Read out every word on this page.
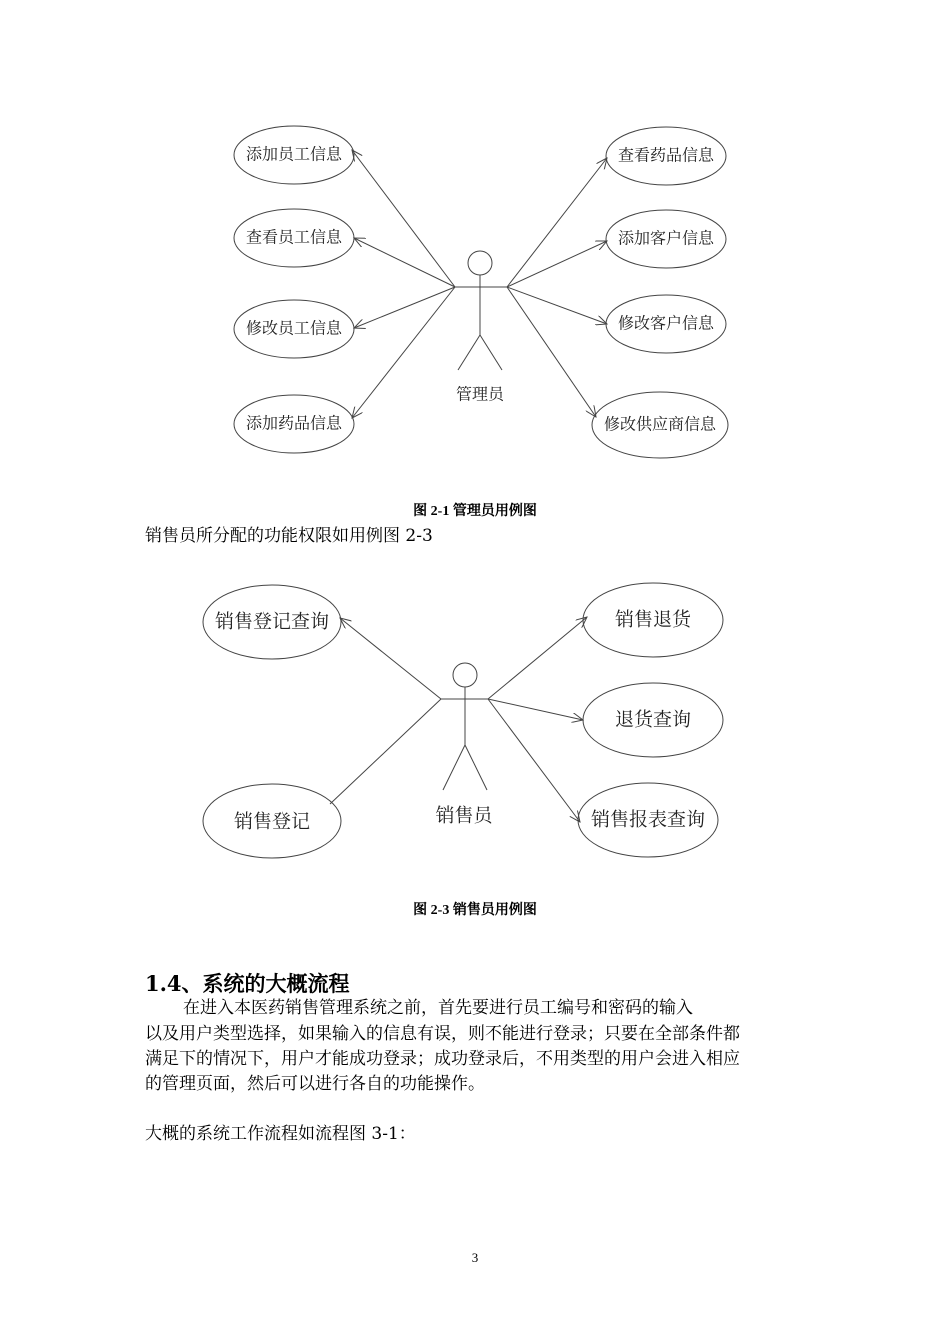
添加员工信息
查看员工信息
修改员工信息
添加药品信息
查看药品信息
添加客户信息
修改客户信息
修改供应商信息
管理员
图 2-1 管理员用例图
销售员所分配的功能权限如用例图 2-3
销售登记查询
销售登记
销售退货
退货查询
销售报表查询
销售员
图 2-3 销售员用例图
1.4、系统的大概流程
在进入本医药销售管理系统之前，首先要进行员工编号和密码的输入
以及用户类型选择，如果输入的信息有误，则不能进行登录；只要在全部条件都
满足下的情况下，用户才能成功登录；成功登录后，不用类型的用户会进入相应
的管理页面，然后可以进行各自的功能操作。
大概的系统工作流程如流程图 3-1：
3
